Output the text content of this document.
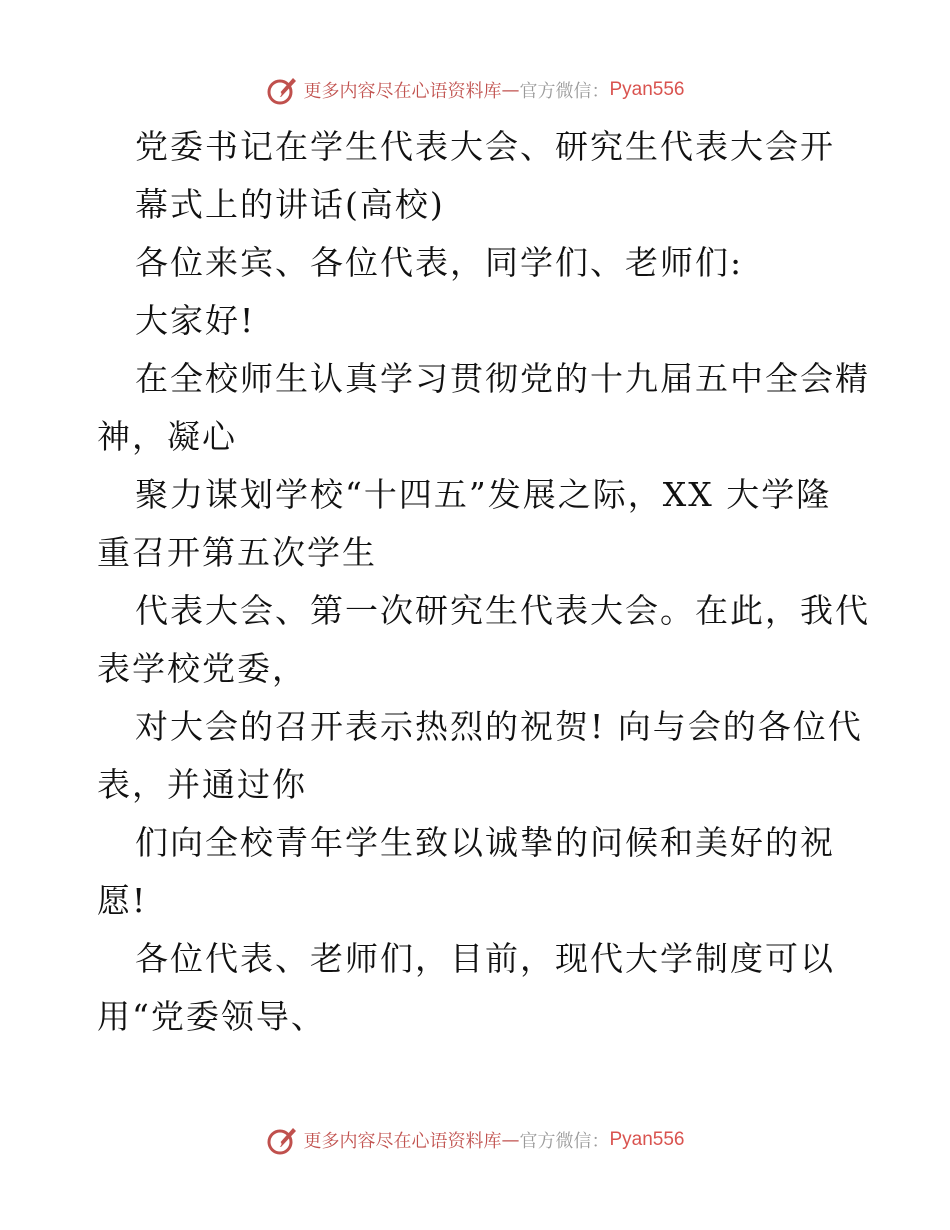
更多内容尽在心语资料库 — 官方微信： Pyan556
党委书记在学生代表大会、研究生代表大会开
幕式上的讲话(高校)
各位来宾、各位代表，同学们、老师们:
大家好!
在全校师生认真学习贯彻党的十九届五中全会精
神，凝心
聚力谋划学校“十四五”发展之际，XX 大学隆
重召开第五次学生
代表大会、第一次研究生代表大会。在此，我代
表学校党委，
对大会的召开表示热烈的祝贺! 向与会的各位代
表，并通过你
们向全校青年学生致以诚挚的问候和美好的祝
愿!
各位代表、老师们，目前，现代大学制度可以
用“党委领导、
更多内容尽在心语资料库 — 官方微信： Pyan556
